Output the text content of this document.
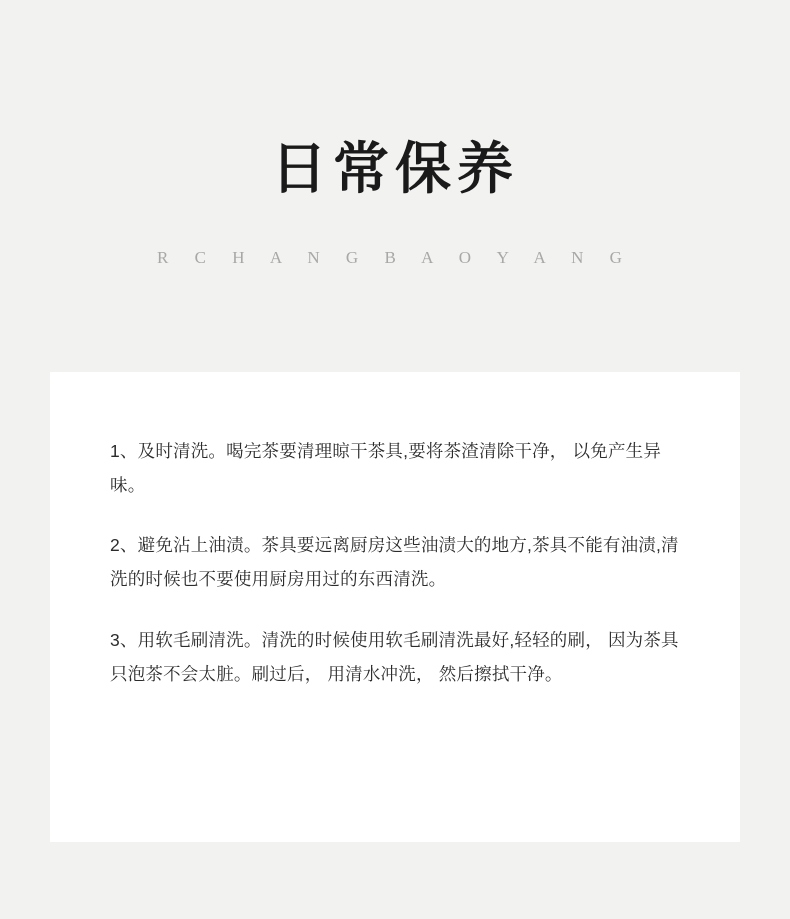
日常保养
R C H A N G B A O Y A N G

1、及时清洗。喝完茶要清理晾干茶具,要将茶渣清除干净， 以免产生异味。

2、避免沾上油渍。茶具要远离厨房这些油渍大的地方,茶具不能有油渍,清洗的时候也不要使用厨房用过的东西清洗。

3、用软毛刷清洗。清洗的时候使用软毛刷清洗最好,轻轻的刷， 因为茶具只泡茶不会太脏。刷过后， 用清水冲洗， 然后擦拭干净。
